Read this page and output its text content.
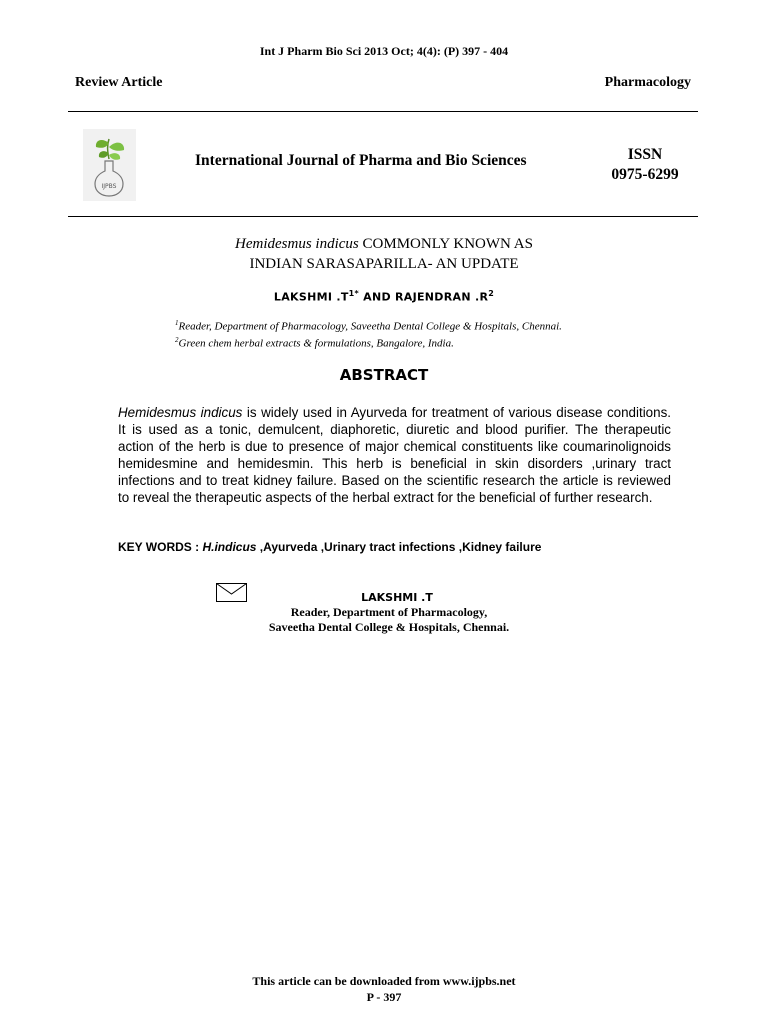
Int J Pharm Bio Sci 2013 Oct; 4(4): (P) 397 - 404
Review Article	Pharmacology
IJPBS
International Journal of Pharma and Bio Sciences	ISSN
0975-6299
Hemidesmus indicus COMMONLY KNOWN AS
INDIAN SARASAPARILLA- AN UPDATE
LAKSHMI $.T^{1*}$ AND RAJENDRAN $.R^2$
$^1$Reader, Department of Pharmacology, Saveetha Dental College & Hospitals, Chennai.
$^2$Green chem herbal extracts & formulations, Bangalore, India.
ABSTRACT
Hemidesmus indicus is widely used in Ayurveda for treatment of various disease conditions. It is used as a tonic, demulcent, diaphoretic, diuretic and blood purifier. The therapeutic action of the herb is due to presence of major chemical constituents like coumarinolignoids hemidesmine and hemidesmin. This herb is beneficial in skin disorders ,urinary tract infections and to treat kidney failure. Based on the scientific research the article is reviewed to reveal the therapeutic aspects of the herbal extract for the beneficial of further research.
KEY WORDS : H.indicus ,Ayurveda ,Urinary tract infections ,Kidney failure
LAKSHMI .T
Reader, Department of Pharmacology,
Saveetha Dental College & Hospitals, Chennai.
This article can be downloaded from www.ijpbs.net
P - 397
